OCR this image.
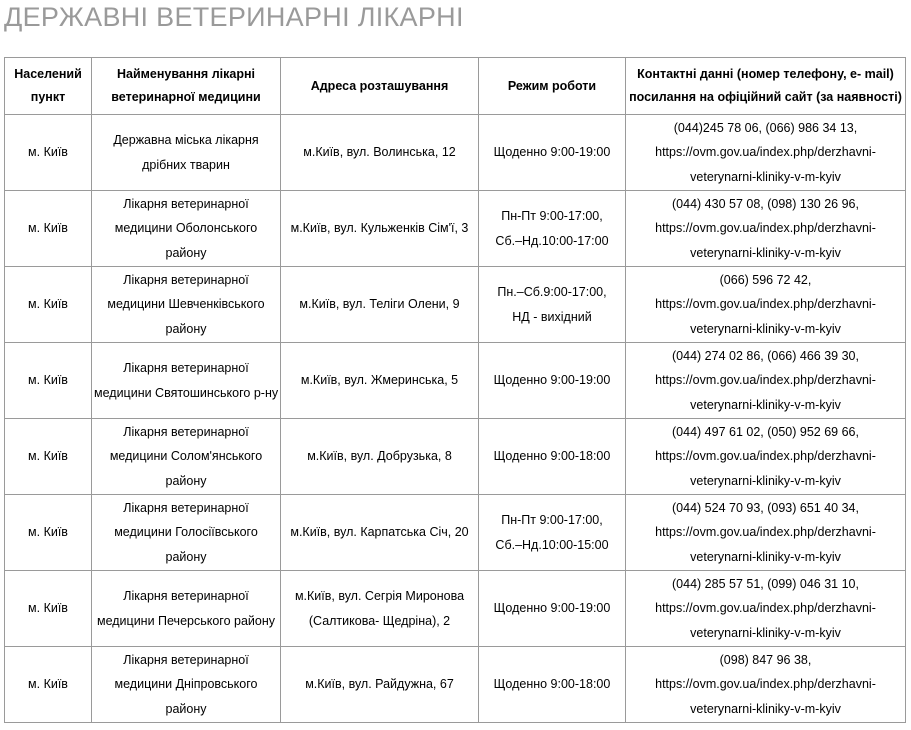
ДЕРЖАВНІ ВЕТЕРИНАРНІ ЛІКАРНІ
Населений
пункт	Найменування лікарні
ветеринарної медицини	Адреса розташування	Режим роботи	Контактні данні (номер телефону, е- mail)
посилання на офіційний сайт (за наявності)

м. Київ	Державна міська лікарня
дрібних тварин	м.Київ, вул. Волинська, 12	Щоденно 9:00-19:00	(044)245 78 06, (066) 986 34 13,
https://ovm.gov.ua/index.php/derzhavni-
veterynarni-kliniky-v-m-kyiv

м. Київ	Лікарня ветеринарної
медицини Оболонського
району	м.Київ, вул. Кульженків Сім'ї, 3	Пн-Пт 9:00-17:00,
Сб.–Нд.10:00-17:00	(044) 430 57 08, (098) 130 26 96,
https://ovm.gov.ua/index.php/derzhavni-
veterynarni-kliniky-v-m-kyiv

м. Київ	Лікарня ветеринарної
медицини Шевченківського
району	м.Київ, вул. Теліги Олени, 9	Пн.–Сб.9:00-17:00,
НД - вихідний	(066) 596 72 42,
https://ovm.gov.ua/index.php/derzhavni-
veterynarni-kliniky-v-m-kyiv

м. Київ	Лікарня ветеринарної
медицини Святошинського р-ну	м.Київ, вул. Жмеринська, 5	Щоденно 9:00-19:00	(044) 274 02 86, (066) 466 39 30,
https://ovm.gov.ua/index.php/derzhavni-
veterynarni-kliniky-v-m-kyiv

м. Київ	Лікарня ветеринарної
медицини Солом'янського
району	м.Київ, вул. Добрузька, 8	Щоденно 9:00-18:00	(044) 497 61 02, (050) 952 69 66,
https://ovm.gov.ua/index.php/derzhavni-
veterynarni-kliniky-v-m-kyiv

м. Київ	Лікарня ветеринарної
медицини Голосіївського
району	м.Київ, вул. Карпатська Січ, 20	Пн-Пт 9:00-17:00,
Сб.–Нд.10:00-15:00	(044) 524 70 93, (093) 651 40 34,
https://ovm.gov.ua/index.php/derzhavni-
veterynarni-kliniky-v-m-kyiv

м. Київ	Лікарня ветеринарної
медицини Печерського району	м.Київ, вул. Сегрія Миронова
(Салтикова- Щедріна), 2	Щоденно 9:00-19:00	(044) 285 57 51, (099) 046 31 10,
https://ovm.gov.ua/index.php/derzhavni-
veterynarni-kliniky-v-m-kyiv

м. Київ	Лікарня ветеринарної
медицини Дніпровського
району	м.Київ, вул. Райдужна, 67	Щоденно 9:00-18:00	(098) 847 96 38,
https://ovm.gov.ua/index.php/derzhavni-
veterynarni-kliniky-v-m-kyiv
